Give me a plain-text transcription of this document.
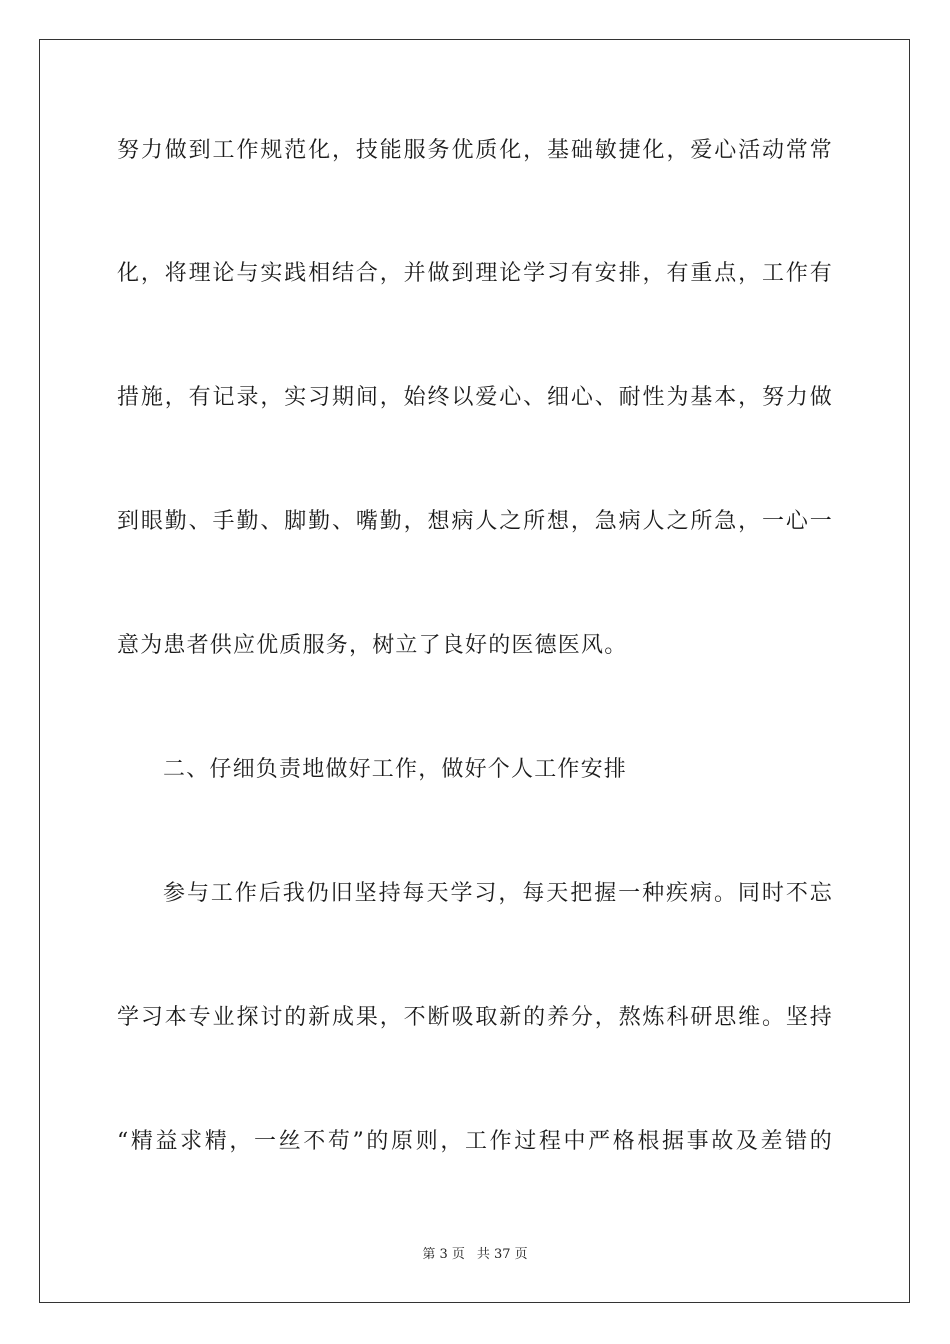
努力做到工作规范化，技能服务优质化，基础敏捷化，爱心活动常常
化，将理论与实践相结合，并做到理论学习有安排，有重点，工作有
措施，有记录，实习期间，始终以爱心、细心、耐性为基本，努力做
到眼勤、手勤、脚勤、嘴勤，想病人之所想，急病人之所急，一心一
意为患者供应优质服务，树立了良好的医德医风。
二、仔细负责地做好工作，做好个人工作安排
参与工作后我仍旧坚持每天学习，每天把握一种疾病。同时不忘
学习本专业探讨的新成果，不断吸取新的养分，熬炼科研思维。坚持
“精益求精，一丝不苟”的原则，工作过程中严格根据事故及差错的
第 3 页 共 37 页
